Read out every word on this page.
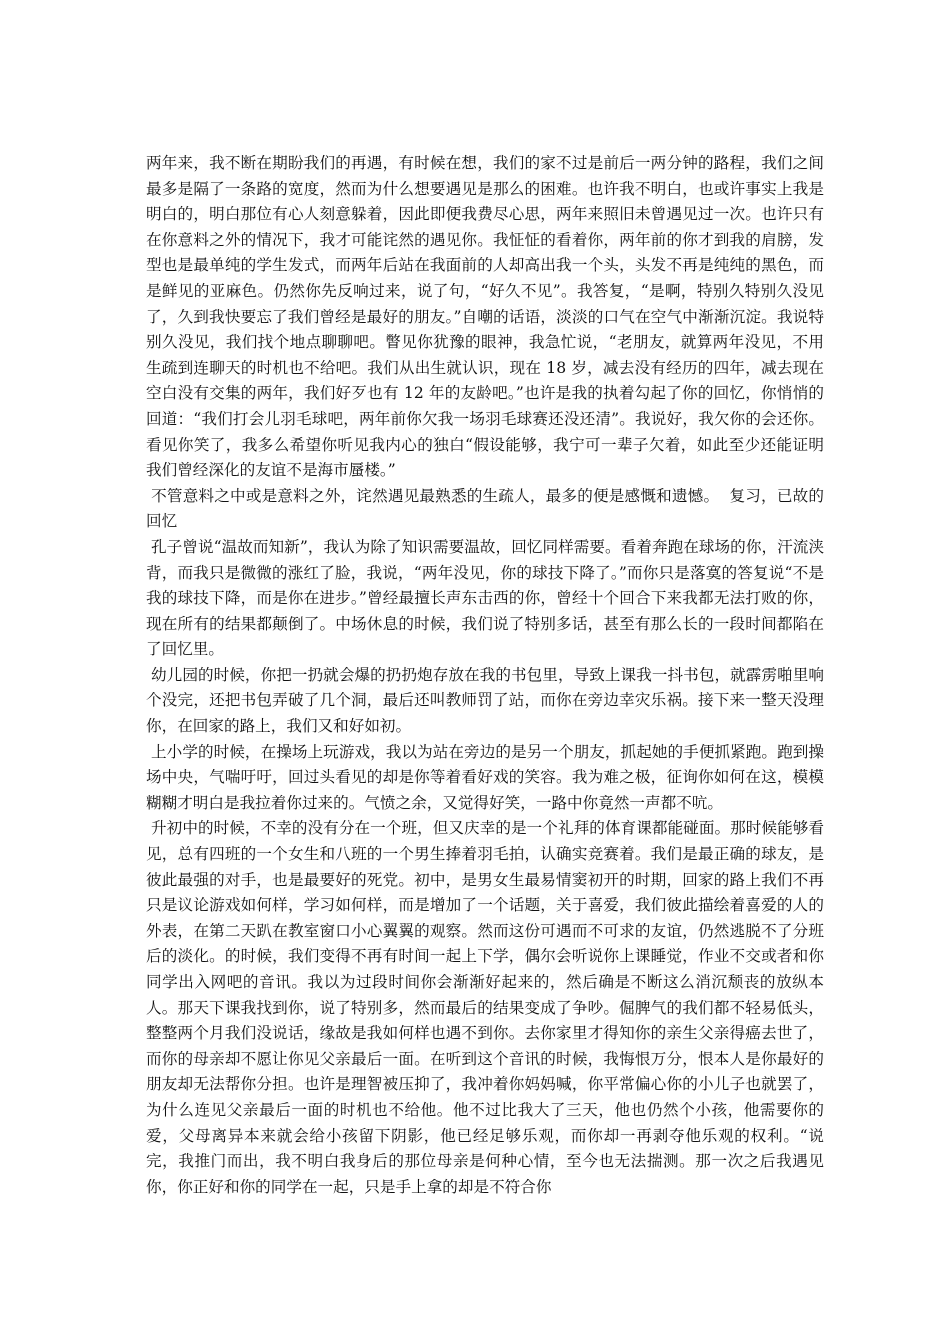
两年来，我不断在期盼我们的再遇，有时候在想，我们的家不过是前后一两分钟的路程，我们之间最多是隔了一条路的宽度，然而为什么想要遇见是那么的困难。也许我不明白，也或许事实上我是明白的，明白那位有心人刻意躲着，因此即便我费尽心思，两年来照旧未曾遇见过一次。也许只有在你意料之外的情况下，我才可能诧然的遇见你。我怔怔的看着你，两年前的你才到我的肩膀，发型也是最单纯的学生发式，而两年后站在我面前的人却高出我一个头，头发不再是纯纯的黑色，而是鲜见的亚麻色。仍然你先反响过来，说了句，“好久不见”。我答复，“是啊，特别久特别久没见了，久到我快要忘了我们曾经是最好的朋友。”自嘲的话语，淡淡的口气在空气中渐渐沉淀。我说特别久没见，我们找个地点聊聊吧。瞥见你犹豫的眼神，我急忙说，“老朋友，就算两年没见，不用生疏到连聊天的时机也不给吧。我们从出生就认识，现在 18 岁，减去没有经历的四年，减去现在空白没有交集的两年，我们好歹也有 12 年的友龄吧。”也许是我的执着勾起了你的回忆，你悄悄的回道：“我们打会儿羽毛球吧，两年前你欠我一场羽毛球赛还没还清”。我说好，我欠你的会还你。看见你笑了，我多么希望你听见我内心的独白“假设能够，我宁可一辈子欠着，如此至少还能证明我们曾经深化的友谊不是海市蜃楼。”

不管意料之中或是意料之外，诧然遇见最熟悉的生疏人，最多的便是感慨和遗憾。  复习，已故的回忆

孔子曾说“温故而知新”，我认为除了知识需要温故，回忆同样需要。看着奔跑在球场的你，汗流浃背，而我只是微微的涨红了脸，我说，“两年没见，你的球技下降了。”而你只是落寞的答复说“不是我的球技下降，而是你在进步。”曾经最擅长声东击西的你，曾经十个回合下来我都无法打败的你，现在所有的结果都颠倒了。中场休息的时候，我们说了特别多话，甚至有那么长的一段时间都陷在了回忆里。

幼儿园的时候，你把一扔就会爆的扔扔炮存放在我的书包里，导致上课我一抖书包，就霹雳啪里响个没完，还把书包弄破了几个洞，最后还叫教师罚了站，而你在旁边幸灾乐祸。接下来一整天没理你，在回家的路上，我们又和好如初。

上小学的时候，在操场上玩游戏，我以为站在旁边的是另一个朋友，抓起她的手便抓紧跑。跑到操场中央，气喘吁吁，回过头看见的却是你等着看好戏的笑容。我为难之极，征询你如何在这，模模糊糊才明白是我拉着你过来的。气愤之余，又觉得好笑，一路中你竟然一声都不吭。

升初中的时候，不幸的没有分在一个班，但又庆幸的是一个礼拜的体育课都能碰面。那时候能够看见，总有四班的一个女生和八班的一个男生捧着羽毛拍，认确实竞赛着。我们是最正确的球友，是彼此最强的对手，也是最要好的死党。初中，是男女生最易情窦初开的时期，回家的路上我们不再只是议论游戏如何样，学习如何样，而是增加了一个话题，关于喜爱，我们彼此描绘着喜爱的人的外表，在第二天趴在教室窗口小心翼翼的观察。然而这份可遇而不可求的友谊，仍然逃脱不了分班后的淡化。的时候，我们变得不再有时间一起上下学，偶尔会听说你上课睡觉，作业不交或者和你同学出入网吧的音讯。我以为过段时间你会渐渐好起来的，然后确是不断这么消沉颓丧的放纵本人。那天下课我找到你，说了特别多，然而最后的结果变成了争吵。倔脾气的我们都不轻易低头，整整两个月我们没说话，缘故是我如何样也遇不到你。去你家里才得知你的亲生父亲得癌去世了，而你的母亲却不愿让你见父亲最后一面。在听到这个音讯的时候，我悔恨万分，恨本人是你最好的朋友却无法帮你分担。也许是理智被压抑了，我冲着你妈妈喊，你平常偏心你的小儿子也就罢了，为什么连见父亲最后一面的时机也不给他。他不过比我大了三天，他也仍然个小孩，他需要你的爱，父母离异本来就会给小孩留下阴影，他已经足够乐观，而你却一再剥夺他乐观的权利。“说完，我推门而出，我不明白我身后的那位母亲是何种心情，至今也无法揣测。那一次之后我遇见你，你正好和你的同学在一起，只是手上拿的却是不符合你
